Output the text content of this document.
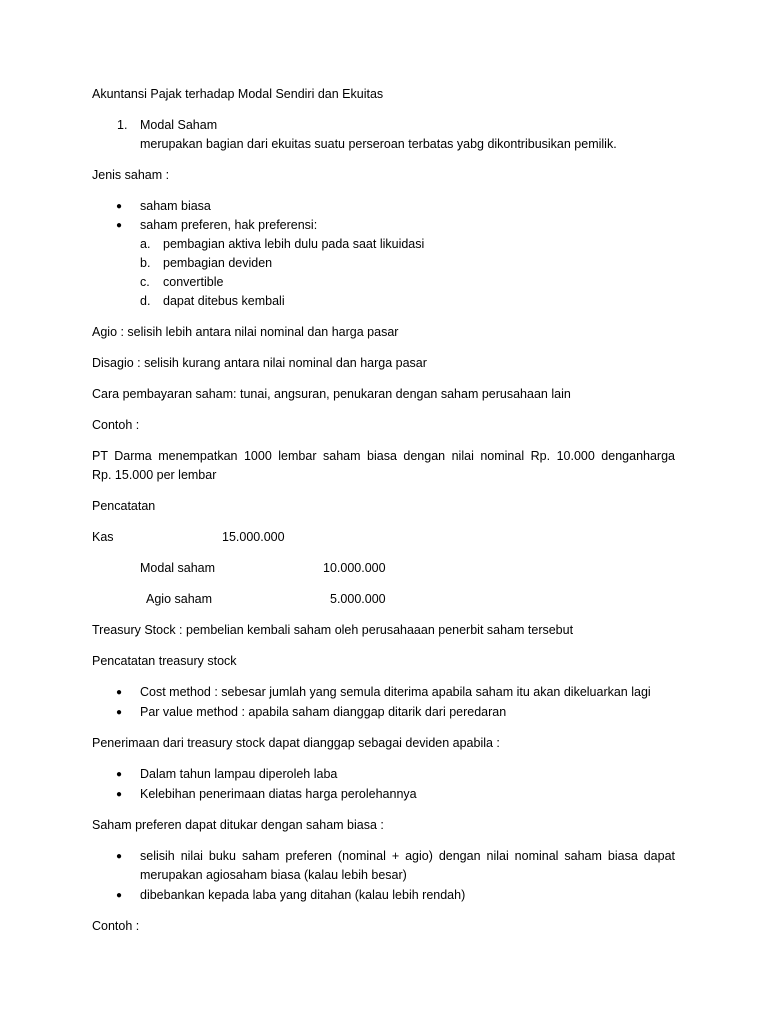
Akuntansi Pajak terhadap Modal Sendiri dan Ekuitas
1. Modal Saham
merupakan bagian dari ekuitas suatu perseroan terbatas yabg dikontribusikan pemilik.
Jenis saham :
● saham biasa
● saham preferen, hak preferensi:
a. pembagian aktiva lebih dulu pada saat likuidasi
b. pembagian deviden
c. convertible
d. dapat ditebus kembali
Agio : selisih lebih antara nilai nominal dan harga pasar
Disagio : selisih kurang antara nilai nominal dan harga pasar
Cara pembayaran saham: tunai, angsuran, penukaran dengan saham perusahaan lain
Contoh :
PT Darma menempatkan 1000 lembar saham biasa dengan nilai nominal Rp. 10.000 denganharga
Rp. 15.000 per lembar
Pencatatan
Kas	15.000.000
Modal saham	10.000.000
Agio saham	5.000.000
Treasury Stock : pembelian kembali saham oleh perusahaaan penerbit saham tersebut
Pencatatan treasury stock
● Cost method : sebesar jumlah yang semula diterima apabila saham itu akan dikeluarkan lagi
● Par value method : apabila saham dianggap ditarik dari peredaran
Penerimaan dari treasury stock dapat dianggap sebagai deviden apabila :
● Dalam tahun lampau diperoleh laba
● Kelebihan penerimaan diatas harga perolehannya
Saham preferen dapat ditukar dengan saham biasa :
● selisih nilai buku saham preferen (nominal + agio) dengan nilai nominal saham biasa dapat
merupakan agiosaham biasa (kalau lebih besar)
● dibebankan kepada laba yang ditahan (kalau lebih rendah)
Contoh :
